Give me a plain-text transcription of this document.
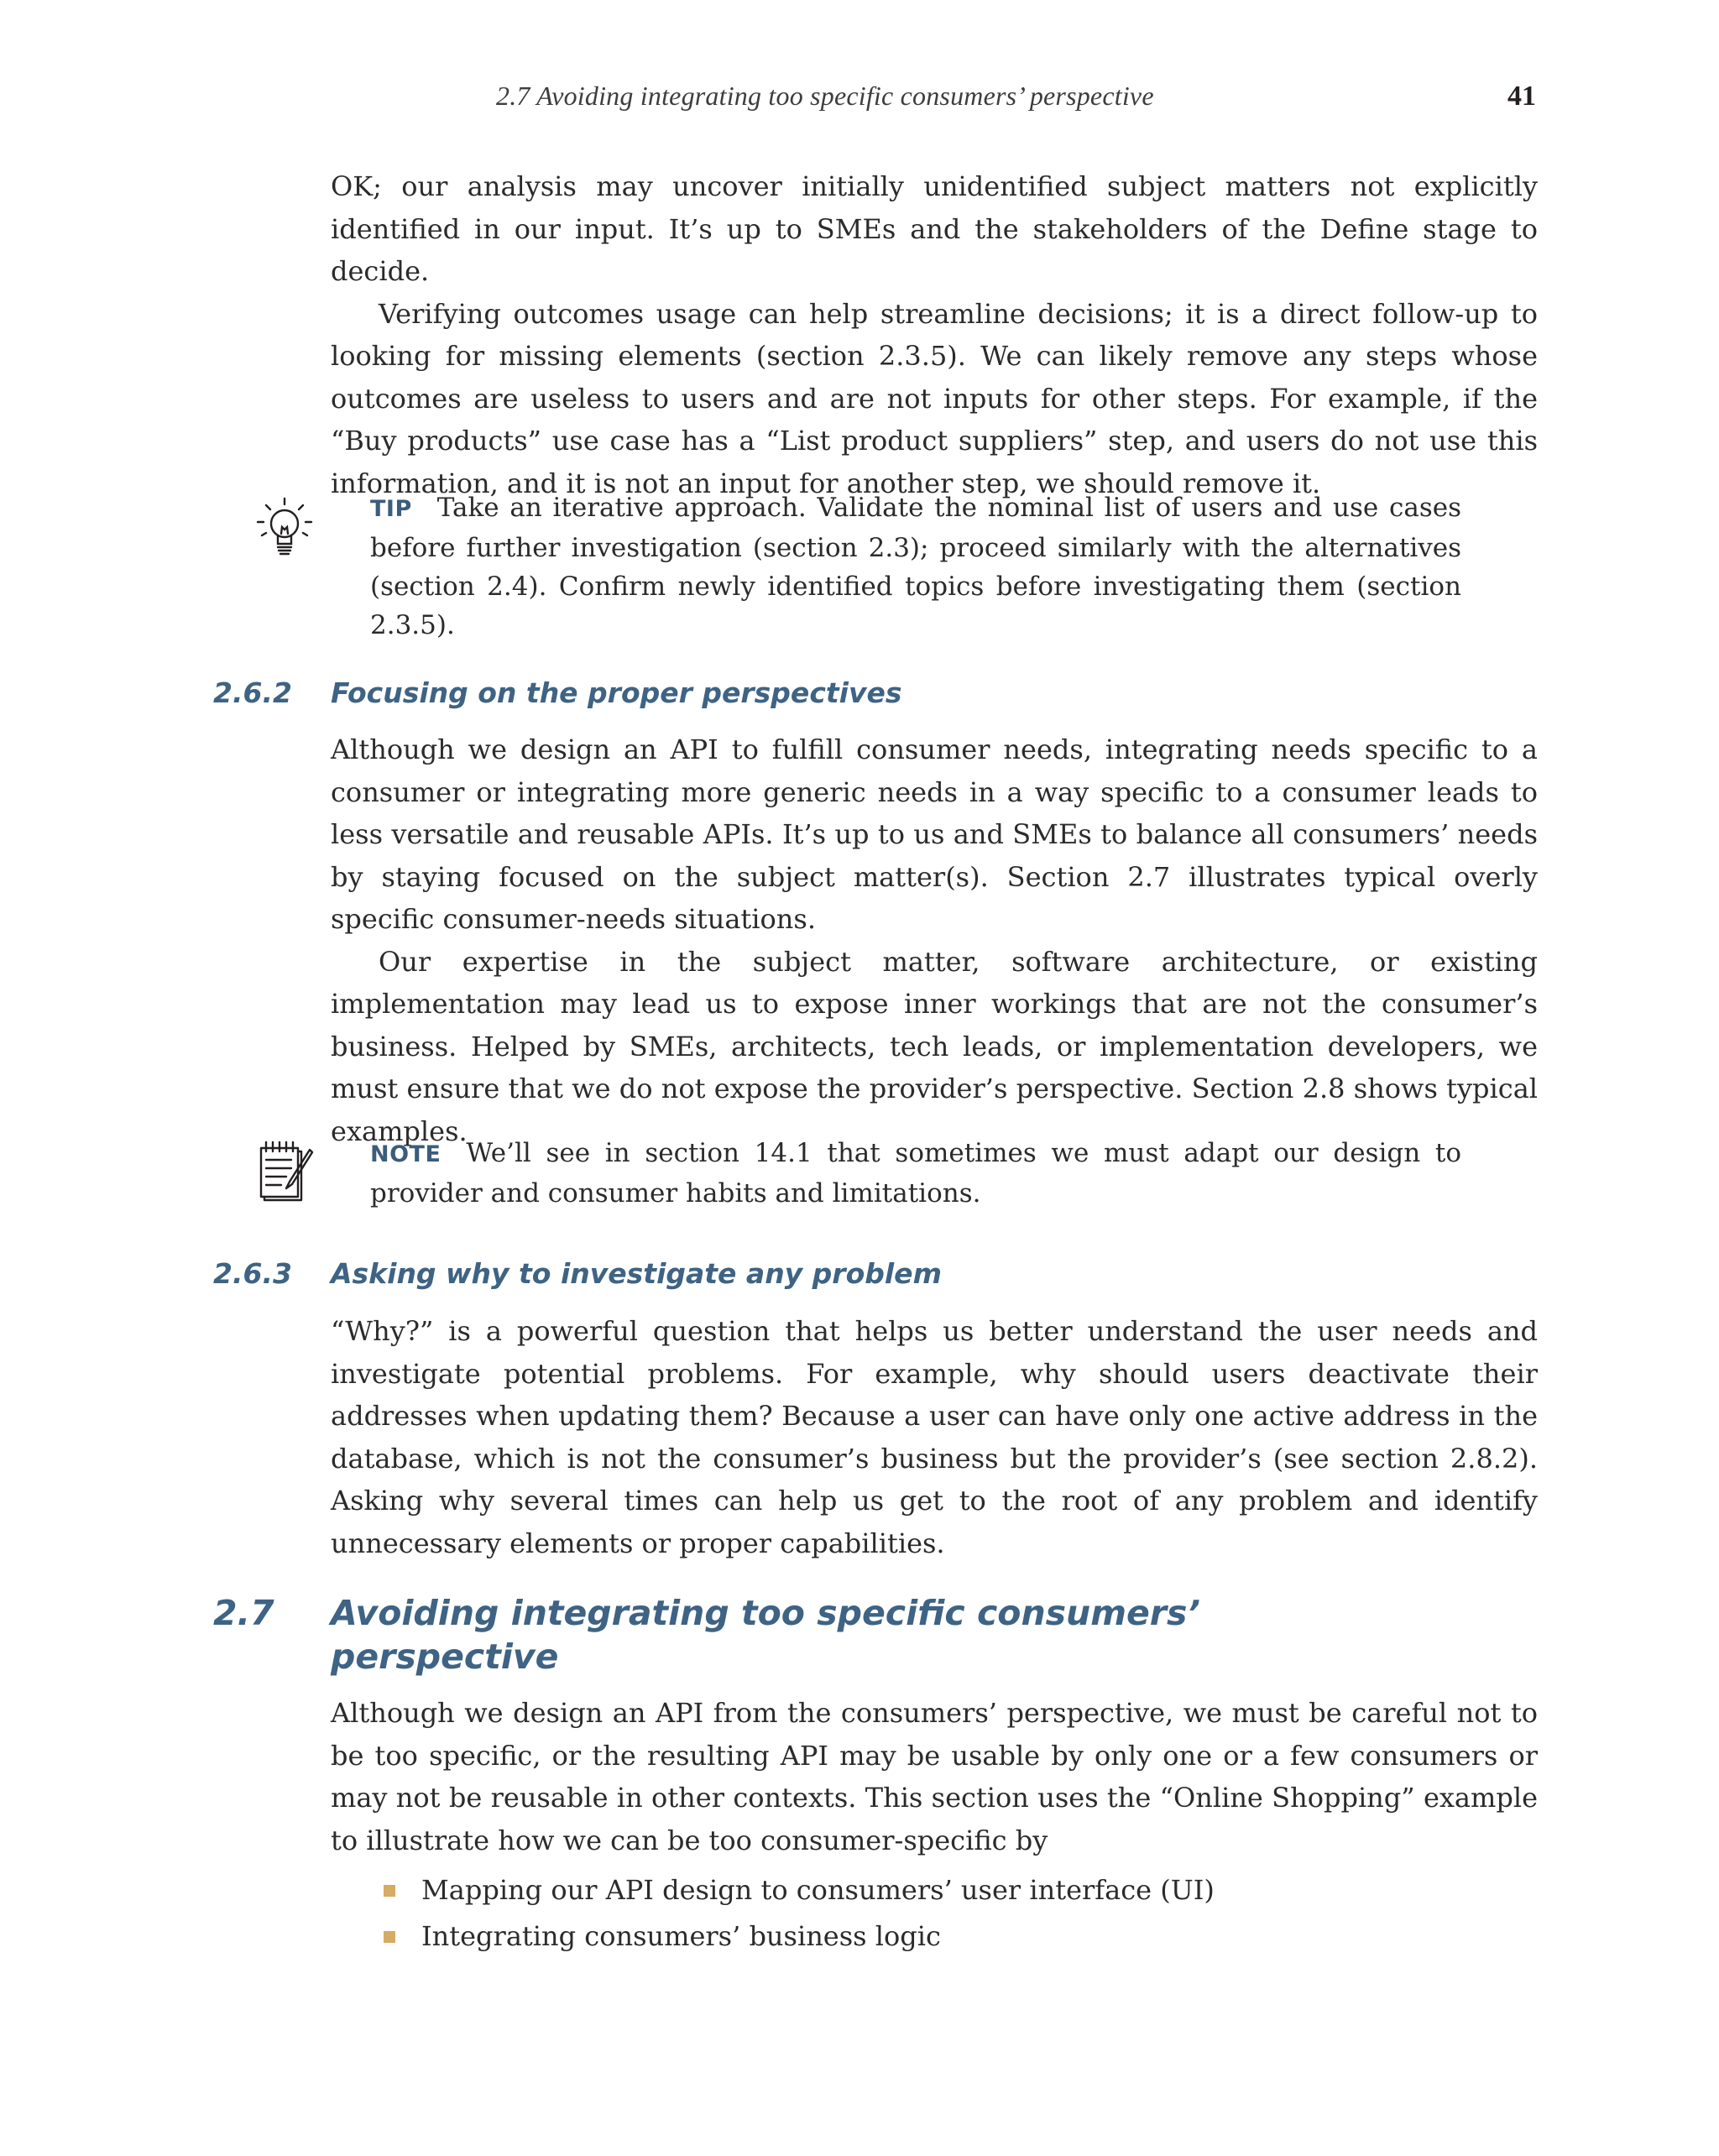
2.7 Avoiding integrating too specific consumers’ perspective	41

OK; our analysis may uncover initially unidentified subject matters not explicitly identified in our input. It’s up to SMEs and the stakeholders of the Define stage to decide.

Verifying outcomes usage can help streamline decisions; it is a direct follow-up to looking for missing elements (section 2.3.5). We can likely remove any steps whose outcomes are useless to users and are not inputs for other steps. For example, if the “Buy products” use case has a “List product suppliers” step, and users do not use this information, and it is not an input for another step, we should remove it.

TIP Take an iterative approach. Validate the nominal list of users and use cases before further investigation (section 2.3); proceed similarly with the alternatives (section 2.4). Confirm newly identified topics before investigating them (section 2.3.5).
2.6.2 Focusing on the proper perspectives

Although we design an API to fulfill consumer needs, integrating needs specific to a consumer or integrating more generic needs in a way specific to a consumer leads to less versatile and reusable APIs. It’s up to us and SMEs to balance all consumers’ needs by staying focused on the subject matter(s). Section 2.7 illustrates typical overly specific consumer-needs situations.

Our expertise in the subject matter, software architecture, or existing implementation may lead us to expose inner workings that are not the consumer’s business. Helped by SMEs, architects, tech leads, or implementation developers, we must ensure that we do not expose the provider’s perspective. Section 2.8 shows typical examples.

NOTE We’ll see in section 14.1 that sometimes we must adapt our design to provider and consumer habits and limitations.
2.6.3 Asking why to investigate any problem

“Why?” is a powerful question that helps us better understand the user needs and investigate potential problems. For example, why should users deactivate their addresses when updating them? Because a user can have only one active address in the database, which is not the consumer’s business but the provider’s (see section 2.8.2). Asking why several times can help us get to the root of any problem and identify unnecessary elements or proper capabilities.

2.7 Avoiding integrating too specific consumers’
perspective

Although we design an API from the consumers’ perspective, we must be careful not to be too specific, or the resulting API may be usable by only one or a few consumers or may not be reusable in other contexts. This section uses the “Online Shopping” example to illustrate how we can be too consumer-specific by

Mapping our API design to consumers’ user interface (UI)
Integrating consumers’ business logic
